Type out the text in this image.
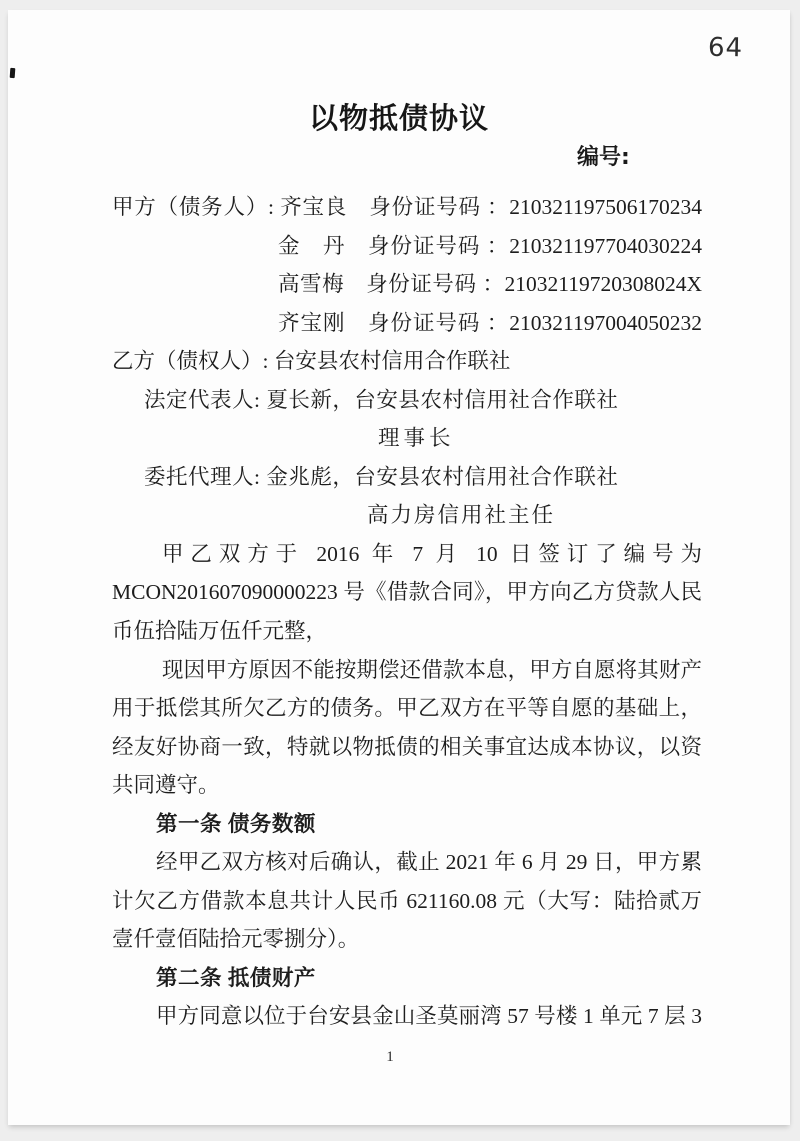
64
以物抵债协议
编号:
甲方（债务人）: 齐宝良　身份证号码 ：210321197506170234
金　丹　身份证号码 ：210321197704030224
高雪梅　身份证号码 ：21032119720308024X
齐宝刚　身份证号码 ：210321197004050232
乙方（债权人）: 台安县农村信用合作联社
法定代表人: 夏长新，台安县农村信用社合作联社
理事长
委托代理人: 金兆彪，台安县农村信用社合作联社
高力房信用社主任
甲乙双方于 2016 年 7 月 10 日签订了编号为
MCON201607090000223 号《借款合同》，甲方向乙方贷款人民
币伍拾陆万伍仟元整，
现因甲方原因不能按期偿还借款本息，甲方自愿将其财产
用于抵偿其所欠乙方的债务。甲乙双方在平等自愿的基础上，
经友好协商一致，特就以物抵债的相关事宜达成本协议，以资
共同遵守。
第一条 债务数额
经甲乙双方核对后确认，截止 2021 年 6 月 29 日，甲方累
计欠乙方借款本息共计人民币 621160.08 元（大写：陆拾贰万
壹仟壹佰陆拾元零捌分）。
第二条 抵债财产
甲方同意以位于台安县金山圣莫丽湾 57 号楼 1 单元 7 层 3
1
